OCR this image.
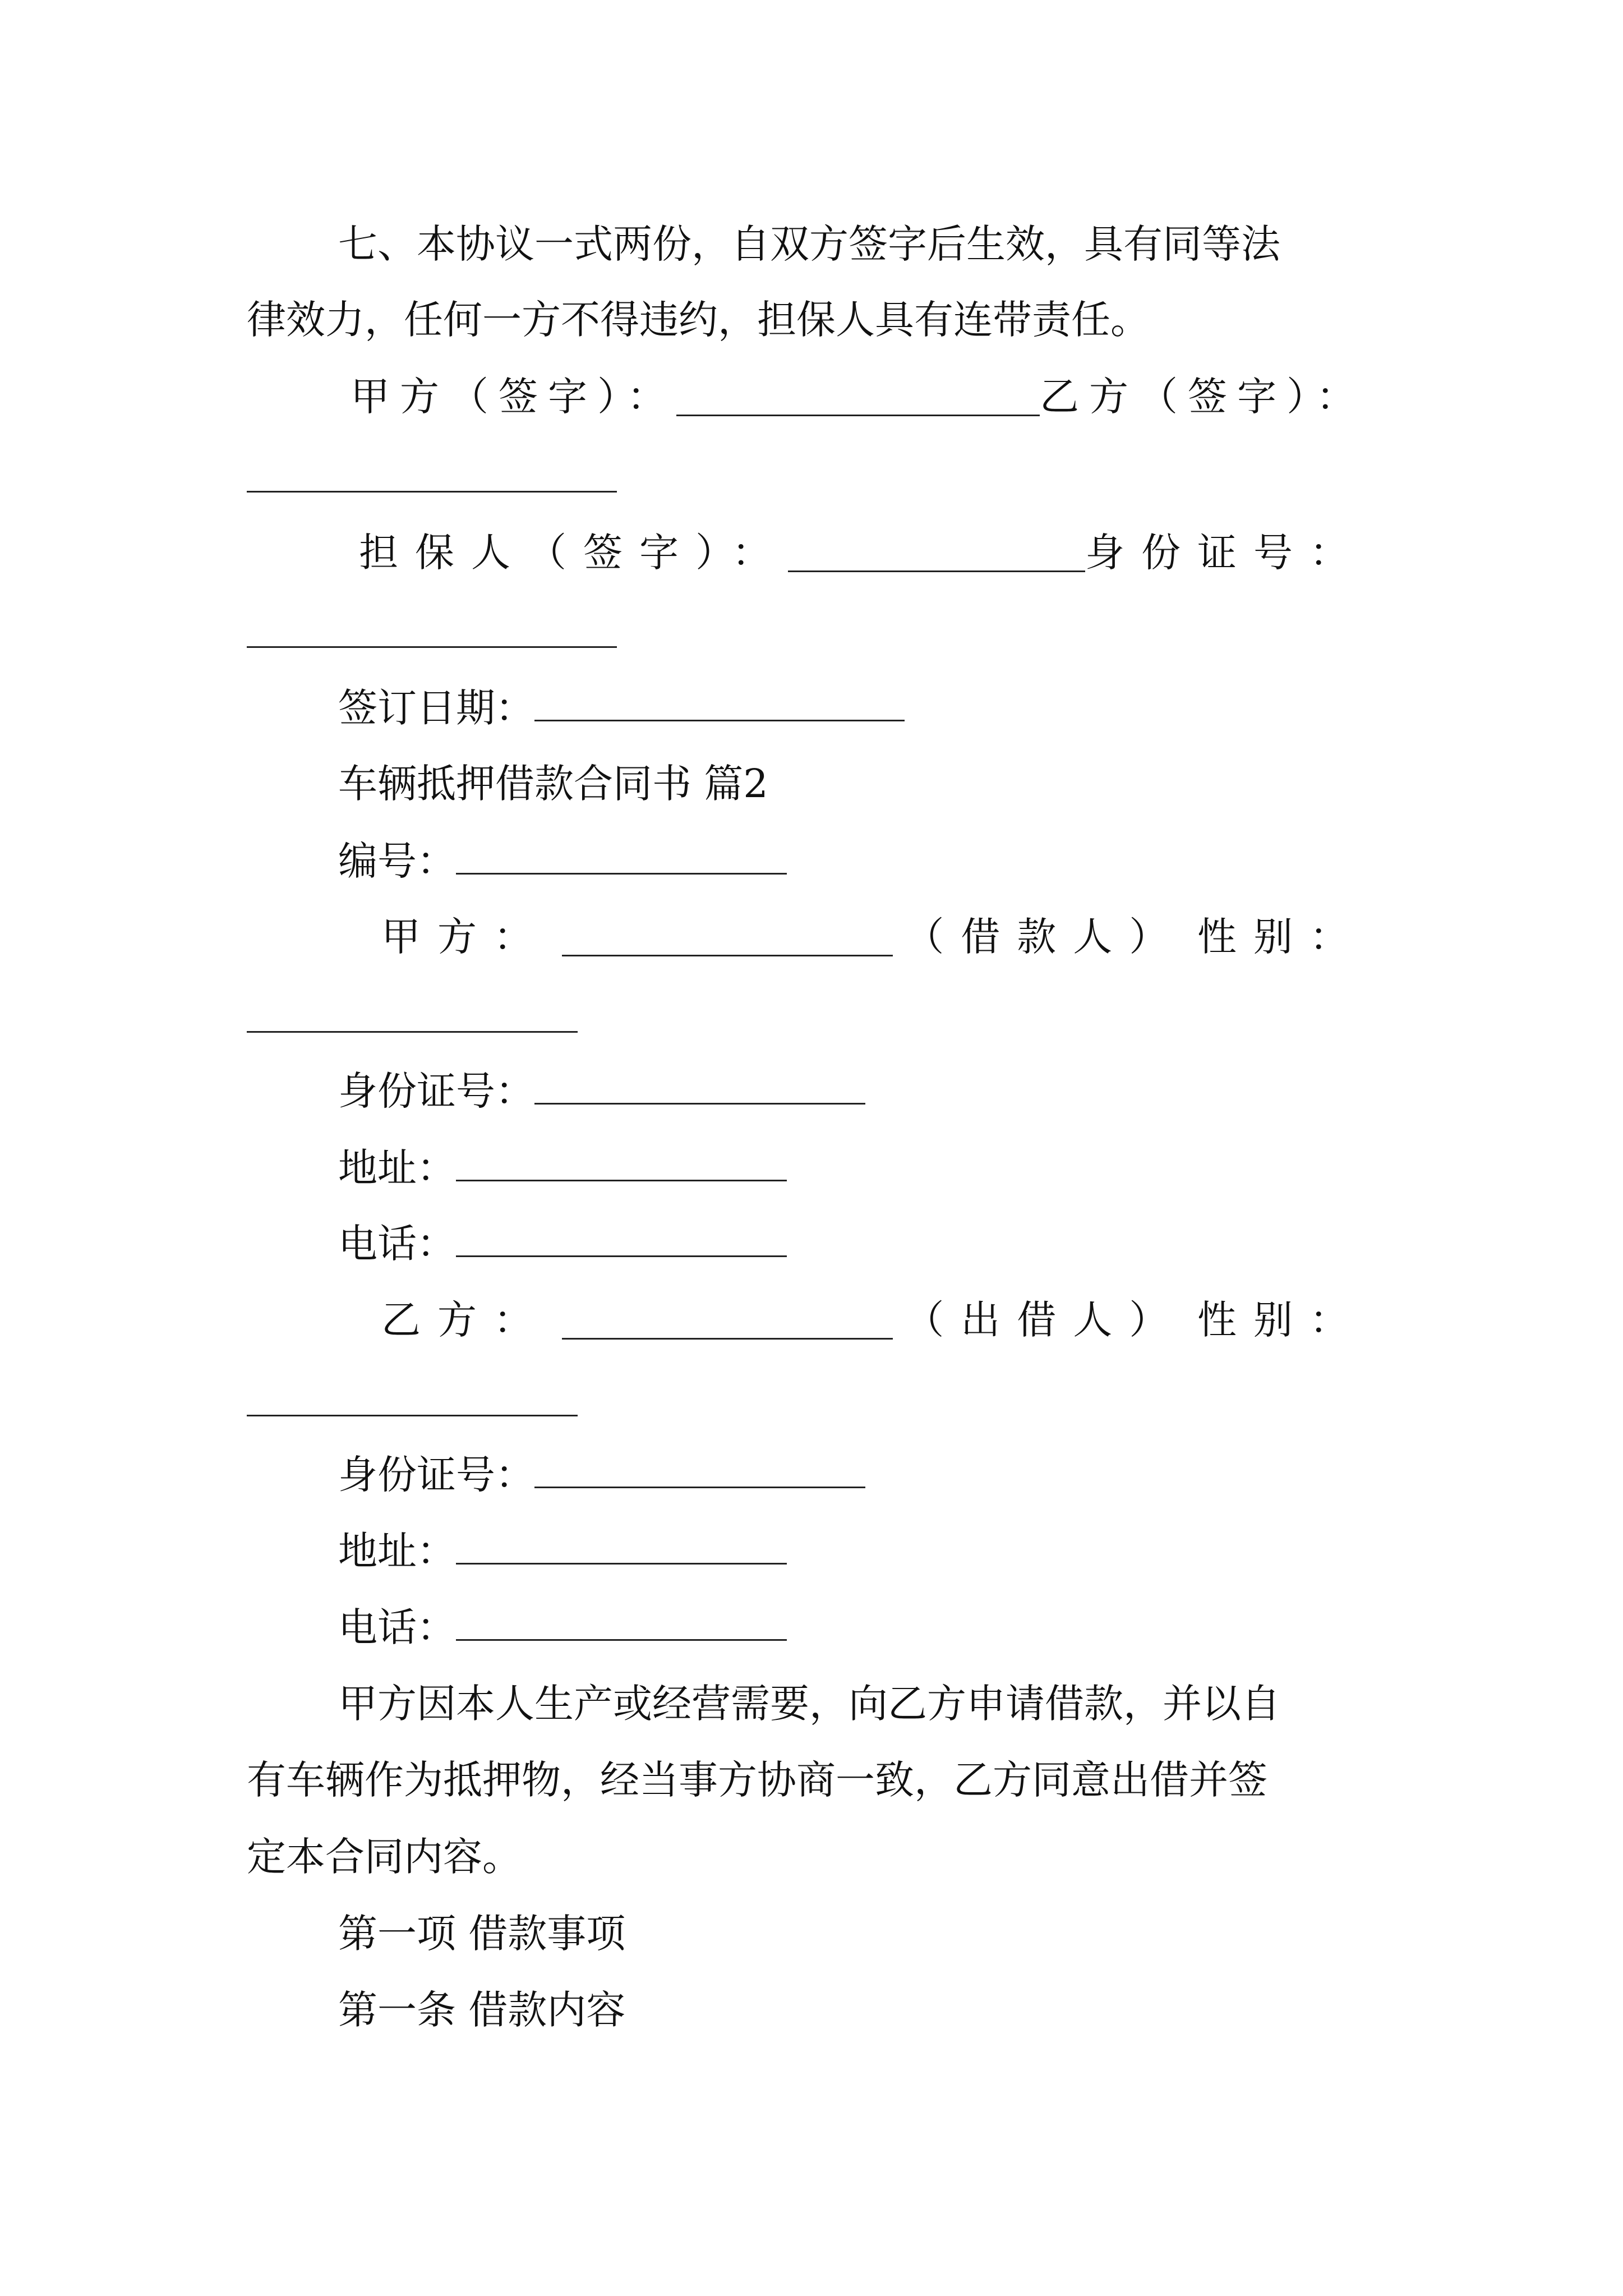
七、本协议一式两份，自双方签字后生效，具有同等法
律效力，任何一方不得违约，担保人具有连带责任。
甲方（签字）：	乙方（签字）：
担保人（签字）：	身份证号：
签订日期：
车辆抵押借款合同书 篇2
编号：
甲方：	（借款人） 性别：
身份证号：
地址：
电话：
乙方：	（出借人） 性别：
身份证号：
地址：
电话：
甲方因本人生产或经营需要，向乙方申请借款，并以自
有车辆作为抵押物，经当事方协商一致，乙方同意出借并签
定本合同内容。
第一项 借款事项
第一条 借款内容
